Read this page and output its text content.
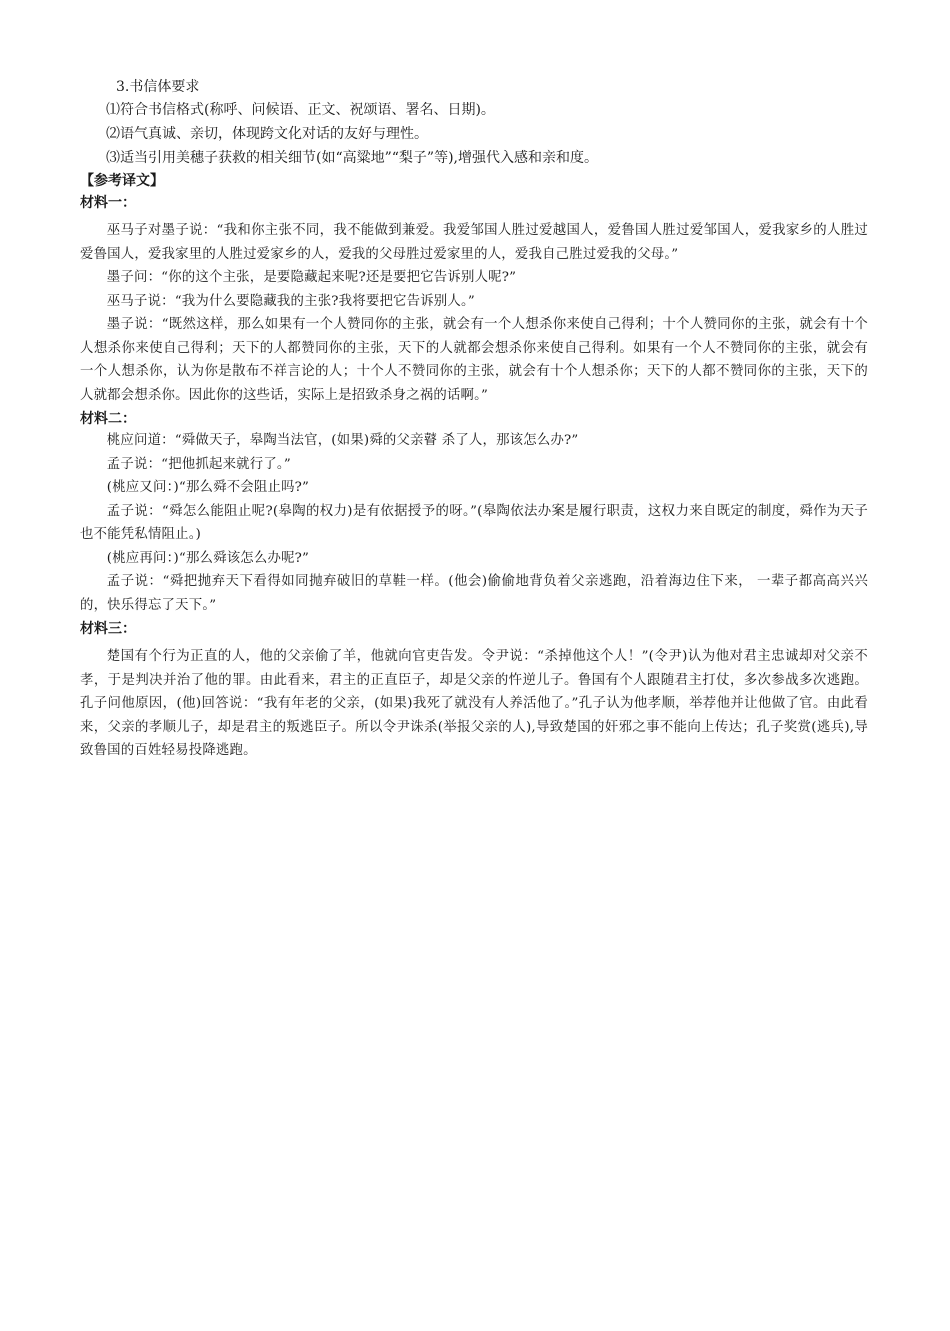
3.书信体要求
⑴符合书信格式(称呼、问候语、正文、祝颂语、署名、日期)。
⑵语气真诚、亲切，体现跨文化对话的友好与理性。
⑶适当引用美穗子获救的相关细节(如“高粱地”“梨子”等),增强代入感和亲和度。
【参考译文】
材料一：

巫马子对墨子说：“我和你主张不同，我不能做到兼爱。我爱邹国人胜过爱越国人，爱鲁国人胜过爱邹国人，爱我家乡的人胜过爱鲁国人，爱我家里的人胜过爱家乡的人，爱我的父母胜过爱家里的人，爱我自己胜过爱我的父母。”

墨子问：“你的这个主张，是要隐藏起来呢?还是要把它告诉别人呢?”

巫马子说：“我为什么要隐藏我的主张?我将要把它告诉别人。”

墨子说：“既然这样，那么如果有一个人赞同你的主张，就会有一个人想杀你来使自己得利；十个人赞同你的主张，就会有十个人想杀你来使自己得利；天下的人都赞同你的主张，天下的人就都会想杀你来使自己得利。如果有一个人不赞同你的主张，就会有一个人想杀你，认为你是散布不祥言论的人；十个人不赞同你的主张，就会有十个人想杀你；天下的人都不赞同你的主张，天下的人就都会想杀你。因此你的这些话，实际上是招致杀身之祸的话啊。”

材料二：

桃应问道：“舜做天子，皋陶当法官，(如果)舜的父亲瞽 杀了人，那该怎么办?”

孟子说：“把他抓起来就行了。”

(桃应又问：)“那么舜不会阻止吗?”

孟子说：“舜怎么能阻止呢?(皋陶的权力)是有依据授予的呀。”(皋陶依法办案是履行职责，这权力来自既定的制度，舜作为天子也不能凭私情阻止。)

(桃应再问：)“那么舜该怎么办呢?”

孟子说：“舜把抛弃天下看得如同抛弃破旧的草鞋一样。(他会)偷偷地背负着父亲逃跑，沿着海边住下来， 一辈子都高高兴兴的，快乐得忘了天下。”

材料三：

楚国有个行为正直的人，他的父亲偷了羊，他就向官吏告发。令尹说：“杀掉他这个人！”(令尹)认为他对君主忠诚却对父亲不孝，于是判决并治了他的罪。由此看来，君主的正直臣子，却是父亲的忤逆儿子。鲁国有个人跟随君主打仗，多次参战多次逃跑。孔子问他原因，(他)回答说：“我有年老的父亲，(如果)我死了就没有人养活他了。”孔子认为他孝顺，举荐他并让他做了官。由此看来，父亲的孝顺儿子，却是君主的叛逃臣子。所以令尹诛杀(举报父亲的人),导致楚国的奸邪之事不能向上传达；孔子奖赏(逃兵),导致鲁国的百姓轻易投降逃跑。
